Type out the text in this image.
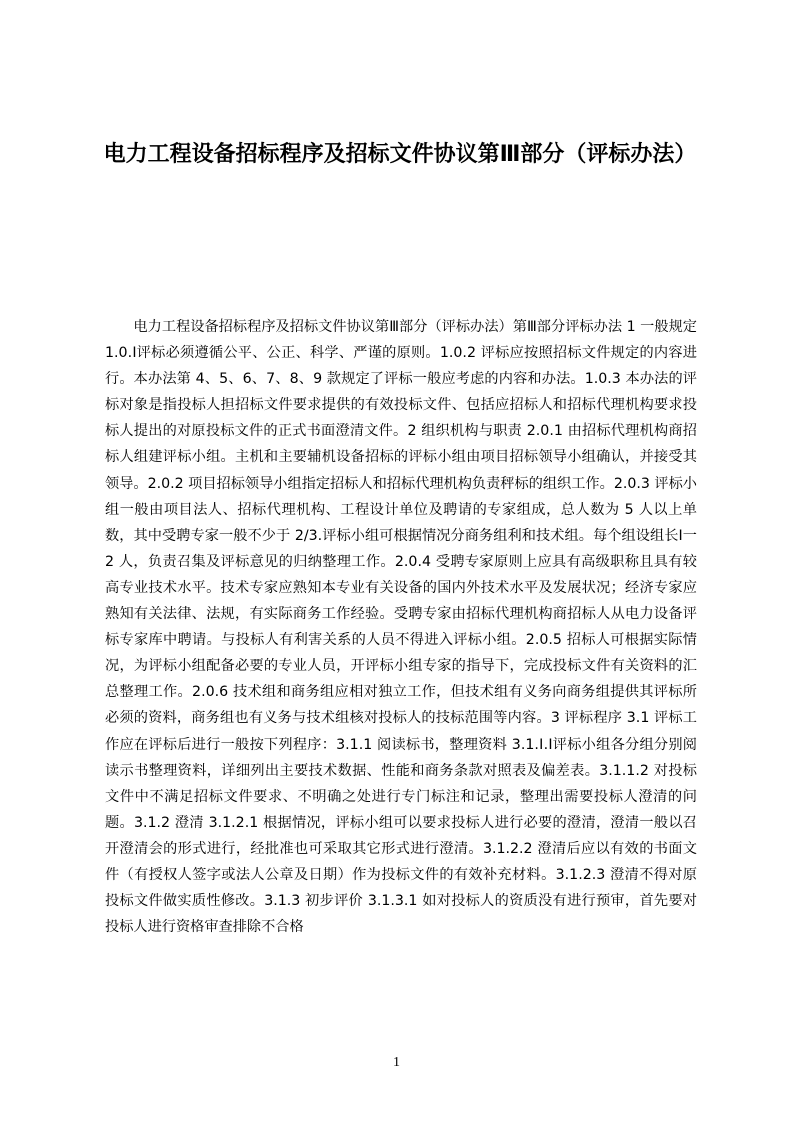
电力工程设备招标程序及招标文件协议第Ⅲ部分（评标办法）

电力工程设备招标程序及招标文件协议第Ⅲ部分（评标办法）第Ⅲ部分评标办法 1 一般规定 1.0.Ⅰ评标必须遵循公平、公正、科学、严谨的原则。1.0.2 评标应按照招标文件规定的内容进行。本办法第 4、5、6、7、8、9 款规定了评标一般应考虑的内容和办法。1.0.3 本办法的评标对象是指投标人担招标文件要求提供的有效投标文件、包括应招标人和招标代理机构要求投标人提出的对原投标文件的正式书面澄清文件。2 组织机构与职责 2.0.1 由招标代理机构商招标人组建评标小组。主机和主要辅机设备招标的评标小组由项目招标领导小组确认，并接受其领导。2.0.2 项目招标领导小组指定招标人和招标代理机构负责秤标的组织工作。2.0.3 评标小组一般由项目法人、招标代理机构、工程设计单位及聘请的专家组成，总人数为 5 人以上单数，其中受聘专家一般不少于 2/3.评标小组可根据情况分商务组利和技术组。每个组设组长Ⅰ一 2 人，负责召集及评标意见的归纳整理工作。2.0.4 受聘专家原则上应具有高级职称且具有较高专业技术水平。技术专家应熟知本专业有关设备的国内外技术水平及发展状况；经济专家应熟知有关法律、法规，有实际商务工作经验。受聘专家由招标代理机构商招标人从电力设备评标专家库中聘请。与投标人有利害关系的人员不得进入评标小组。2.0.5 招标人可根据实际情况，为评标小组配备必要的专业人员，开评标小组专家的指导下，完成投标文件有关资料的汇总整理工作。2.0.6 技术组和商务组应相对独立工作，但技术组有义务向商务组提供其评标所必须的资料，商务组也有义务与技术组核对投标人的技标范围等内容。3 评标程序 3.1 评标工作应在评标后进行一般按下列程序：3.1.1 阅读标书，整理资料 3.1.Ⅰ.Ⅰ评标小组各分组分别阅读示书整理资料，详细列出主要技术数据、性能和商务条款对照表及偏差表。3.1.1.2 对投标文件中不满足招标文件要求、不明确之处进行专门标注和记录，整理出需要投标人澄清的问题。3.1.2 澄清 3.1.2.1 根据情况，评标小组可以要求投标人进行必要的澄清，澄清一般以召开澄清会的形式进行，经批准也可采取其它形式进行澄清。3.1.2.2 澄清后应以有效的书面文件（有授权人签字或法人公章及日期）作为投标文件的有效补充材料。3.1.2.3 澄清不得对原投标文件做实质性修改。3.1.3 初步评价 3.1.3.1 如对投标人的资质没有进行预审，首先要对投标人进行资格审查排除不合格

1
